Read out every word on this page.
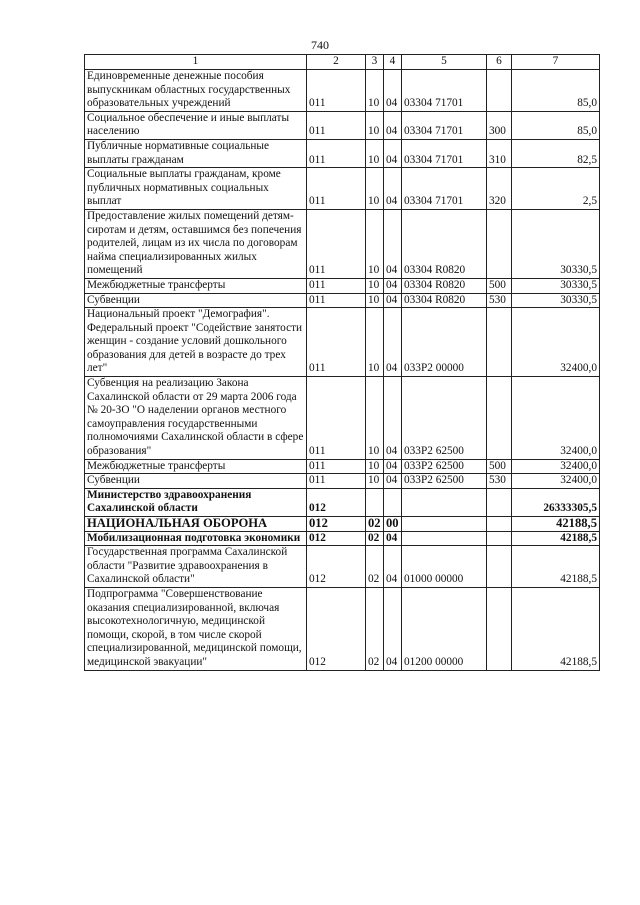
740
1	2	3	4	5	6	7
Единовременные денежные пособия выпускникам областных государственных образовательных учреждений	011	10	04	03304 71701		85,0
Социальное обеспечение и иные выплаты населению	011	10	04	03304 71701	300	85,0
Публичные нормативные социальные выплаты гражданам	011	10	04	03304 71701	310	82,5
Социальные выплаты гражданам, кроме публичных нормативных социальных выплат	011	10	04	03304 71701	320	2,5
Предоставление жилых помещений детям-сиротам и детям, оставшимся без попечения родителей, лицам из их числа по договорам найма специализированных жилых помещений	011	10	04	03304 R0820		30330,5
Межбюджетные трансферты	011	10	04	03304 R0820	500	30330,5
Субвенции	011	10	04	03304 R0820	530	30330,5
Национальный проект "Демография". Федеральный проект "Содействие занятости женщин - создание условий дошкольного образования для детей в возрасте до трех лет"	011	10	04	033P2 00000		32400,0
Субвенция на реализацию Закона Сахалинской области от 29 марта 2006 года № 20-ЗО "О наделении органов местного самоуправления государственными полномочиями Сахалинской области в сфере образования"	011	10	04	033P2 62500		32400,0
Межбюджетные трансферты	011	10	04	033P2 62500	500	32400,0
Субвенции	011	10	04	033P2 62500	530	32400,0
Министерство здравоохранения Сахалинской области	012					26333305,5
НАЦИОНАЛЬНАЯ ОБОРОНА	012	02	00			42188,5
Мобилизационная подготовка экономики	012	02	04			42188,5
Государственная программа Сахалинской области "Развитие здравоохранения в Сахалинской области"	012	02	04	01000 00000		42188,5
Подпрограмма "Совершенствование оказания специализированной, включая высокотехнологичную, медицинской помощи, скорой, в том числе скорой специализированной, медицинской помощи, медицинской эвакуации"	012	02	04	01200 00000		42188,5
